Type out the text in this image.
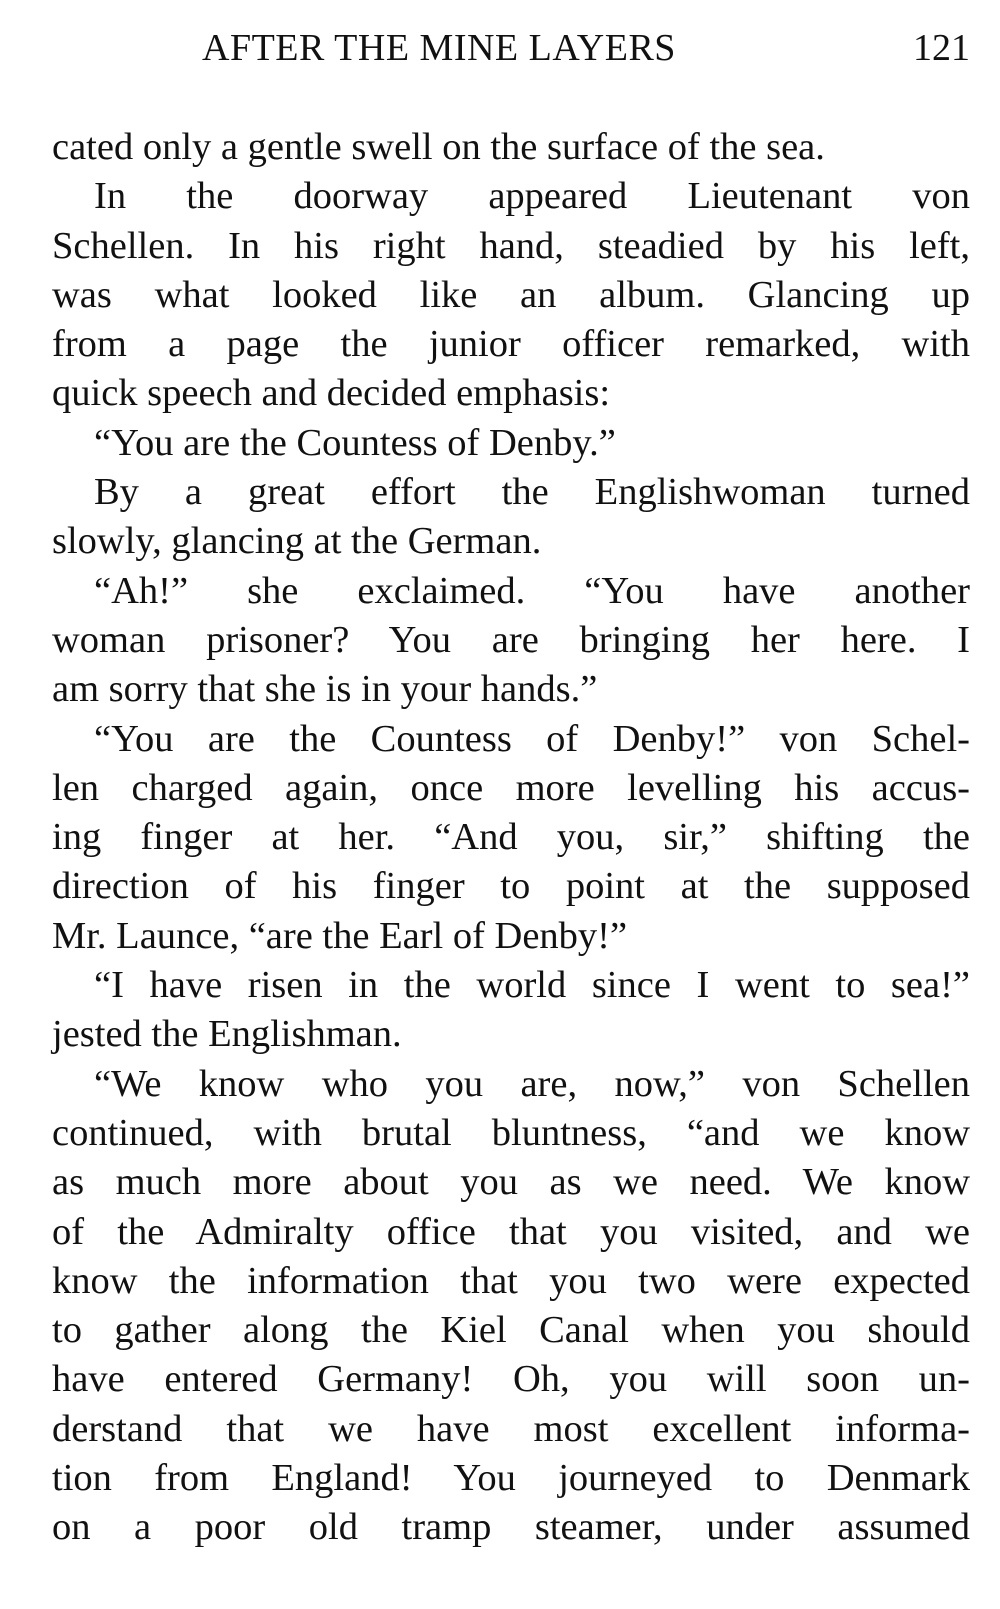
AFTER THE MINE LAYERS	121
cated only a gentle swell on the surface of the sea.
In the doorway appeared Lieutenant von
Schellen. In his right hand, steadied by his left,
was what looked like an album. Glancing up
from a page the junior officer remarked, with
quick speech and decided emphasis:
“You are the Countess of Denby.”
By a great effort the Englishwoman turned
slowly, glancing at the German.
“Ah!” she exclaimed. “You have another
woman prisoner? You are bringing her here. I
am sorry that she is in your hands.”
“You are the Countess of Denby!” von Schel-
len charged again, once more levelling his accus-
ing finger at her. “And you, sir,” shifting the
direction of his finger to point at the supposed
Mr. Launce, “are the Earl of Denby!”
“I have risen in the world since I went to sea!”
jested the Englishman.
“We know who you are, now,” von Schellen
continued, with brutal bluntness, “and we know
as much more about you as we need. We know
of the Admiralty office that you visited, and we
know the information that you two were expected
to gather along the Kiel Canal when you should
have entered Germany! Oh, you will soon un-
derstand that we have most excellent informa-
tion from England! You journeyed to Denmark
on a poor old tramp steamer, under assumed
